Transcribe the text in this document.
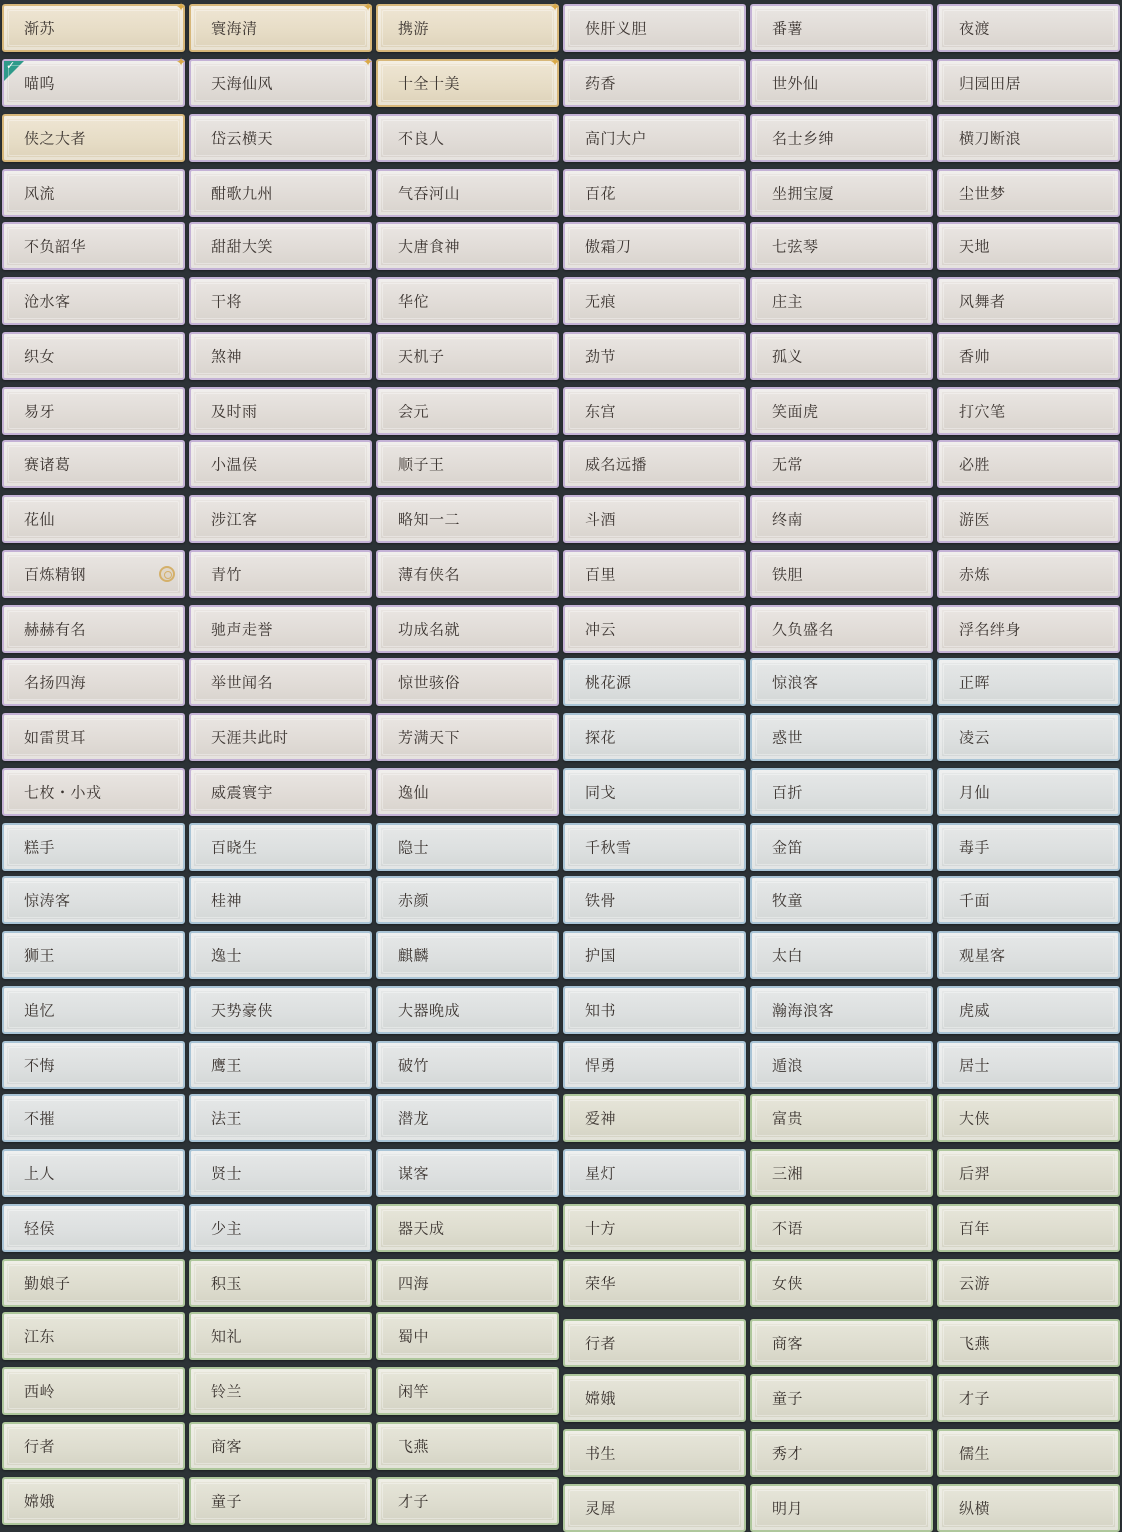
渐苏
✦
喵呜
✦
✓
侠之大者
风流
不负韶华
沧水客
织女
易牙
赛诸葛
花仙
百炼精钢
赫赫有名
名扬四海
如雷贯耳
七枚・小戎
糕手
惊涛客
狮王
追忆
不悔
不摧
上人
轻侯
勤娘子
江东
西岭
行者
嫦娥
寰海清
✦
天海仙风
✦
岱云横天
酣歌九州
甜甜大笑
干将
煞神
及时雨
小温侯
涉江客
青竹
驰声走誉
举世闻名
天涯共此时
威震寰宇
百晓生
桂神
逸士
天势豪侠
鹰王
法王
贤士
少主
积玉
知礼
铃兰
商客
童子
携游
✦
十全十美
✦
不良人
气吞河山
大唐食神
华佗
天机子
会元
顺子王
略知一二
薄有侠名
功成名就
惊世骇俗
芳满天下
逸仙
隐士
赤颜
麒麟
大器晚成
破竹
潜龙
谋客
器天成
四海
蜀中
闲竿
飞燕
才子
侠肝义胆
药香
高门大户
百花
傲霜刀
无痕
劲节
东宫
威名远播
斗酒
百里
冲云
桃花源
探花
同戈
千秋雪
铁骨
护国
知书
悍勇
爱神
星灯
十方
荣华
行者
嫦娥
书生
灵犀
番薯
世外仙
名士乡绅
坐拥宝厦
七弦琴
庄主
孤义
笑面虎
无常
终南
铁胆
久负盛名
惊浪客
惑世
百折
金笛
牧童
太白
瀚海浪客
遁浪
富贵
三湘
不语
女侠
商客
童子
秀才
明月
夜渡
归园田居
横刀断浪
尘世梦
天地
风舞者
香帅
打穴笔
必胜
游医
赤炼
浮名绊身
正晖
凌云
月仙
毒手
千面
观星客
虎威
居士
大侠
后羿
百年
云游
飞燕
才子
儒生
纵横
